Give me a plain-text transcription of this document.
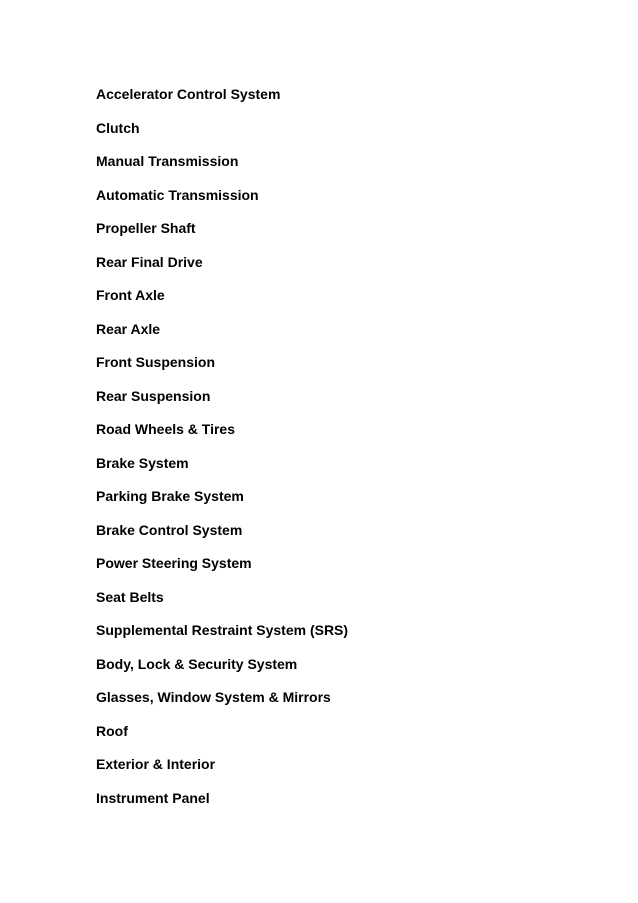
Accelerator Control System
Clutch
Manual Transmission
Automatic Transmission
Propeller Shaft
Rear Final Drive
Front Axle
Rear Axle
Front Suspension
Rear Suspension
Road Wheels & Tires
Brake System
Parking Brake System
Brake Control System
Power Steering System
Seat Belts
Supplemental Restraint System (SRS)
Body, Lock & Security System
Glasses, Window System & Mirrors
Roof
Exterior & Interior
Instrument Panel
